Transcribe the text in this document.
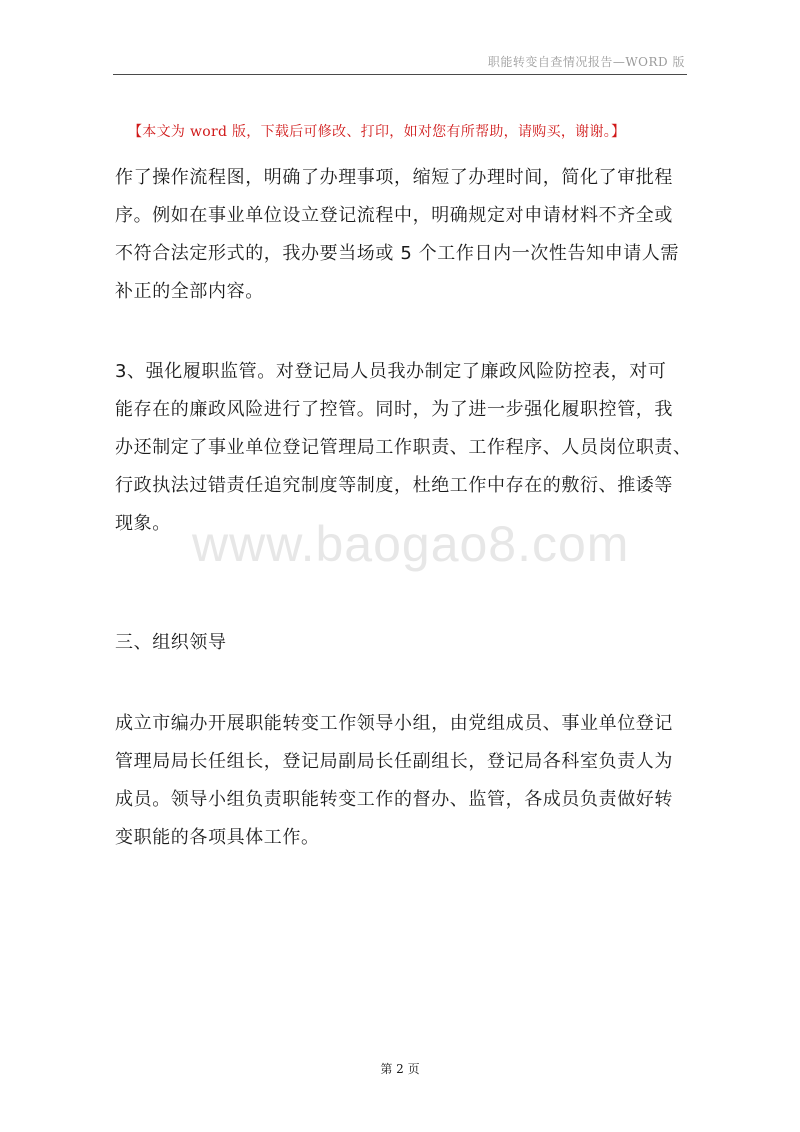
职能转变自查情况报告—WORD 版
【本文为 word 版，下载后可修改、打印，如对您有所帮助，请购买，谢谢。】
www.baogao8.com

作了操作流程图，明确了办理事项，缩短了办理时间，简化了审批程
序。例如在事业单位设立登记流程中，明确规定对申请材料不齐全或
不符合法定形式的，我办要当场或 5 个工作日内一次性告知申请人需
补正的全部内容。

3、强化履职监管。对登记局人员我办制定了廉政风险防控表，对可
能存在的廉政风险进行了控管。同时，为了进一步强化履职控管，我
办还制定了事业单位登记管理局工作职责、工作程序、人员岗位职责、
行政执法过错责任追究制度等制度，杜绝工作中存在的敷衍、推诿等
现象。

三、组织领导

成立市编办开展职能转变工作领导小组，由党组成员、事业单位登记
管理局局长任组长，登记局副局长任副组长，登记局各科室负责人为
成员。领导小组负责职能转变工作的督办、监管，各成员负责做好转
变职能的各项具体工作。

第 2 页
